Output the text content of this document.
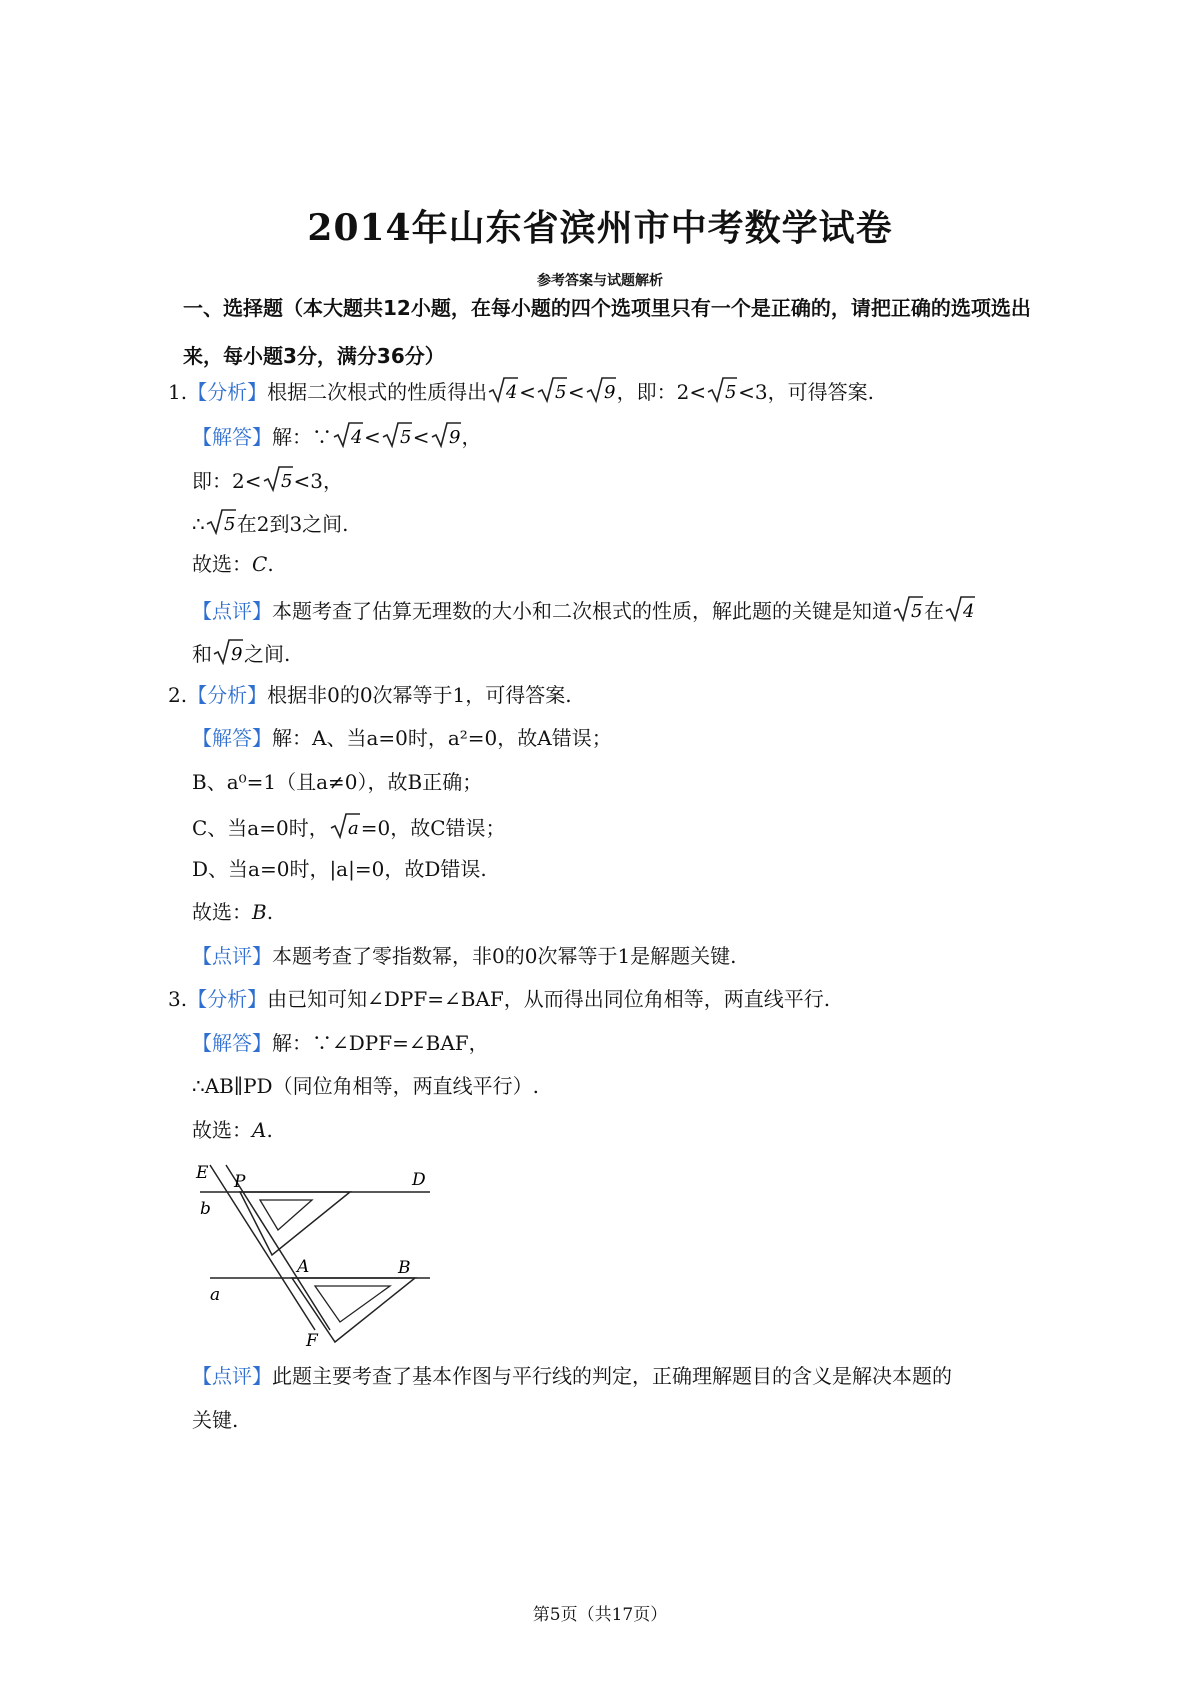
2014年山东省滨州市中考数学试卷
参考答案与试题解析
一、选择题（本大题共12小题，在每小题的四个选项里只有一个是正确的，请把正确的选项选出来，每小题3分，满分36分）
1.【分析】根据二次根式的性质得出 4 < 5 < 9 ，即：2< 5 <3，可得答案.
【解答】解：∵ 4 < 5 < 9 ，
即：2< 5 <3，
∴ 5 在2到3之间.
故选：C.
【点评】本题考查了估算无理数的大小和二次根式的性质，解此题的关键是知道 5 在 4
和 9 之间.
2.【分析】根据非0的0次幂等于1，可得答案.
【解答】解：A、当a=0时，a²=0，故A错误；
B、a⁰=1（且a≠0），故B正确；
C、当a=0时， a =0，故C错误；
D、当a=0时，|a|=0，故D错误.
故选：B.
【点评】本题考查了零指数幂，非0的0次幂等于1是解题关键.
3.【分析】由已知可知∠DPF=∠BAF，从而得出同位角相等，两直线平行.
【解答】解：∵∠DPF=∠BAF，
∴AB∥PD（同位角相等，两直线平行）.
故选：A.
E P	D
b
A	B
a
F
【点评】此题主要考查了基本作图与平行线的判定，正确理解题目的含义是解决本题的
关键.
第5页（共17页）
